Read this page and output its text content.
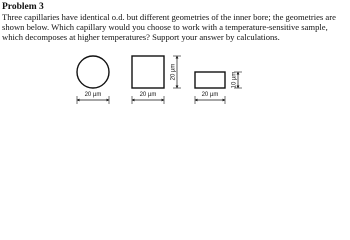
Problem 3

Three capillaries have identical o.d. but different geometries of the inner bore; the geometries are

shown below. Which capillary would you choose to work with a temperature-sensitive sample,

which decomposes at higher temperatures? Support your answer by calculations.

20 µm	20 µm
20 µm
20 µm
10 µm
